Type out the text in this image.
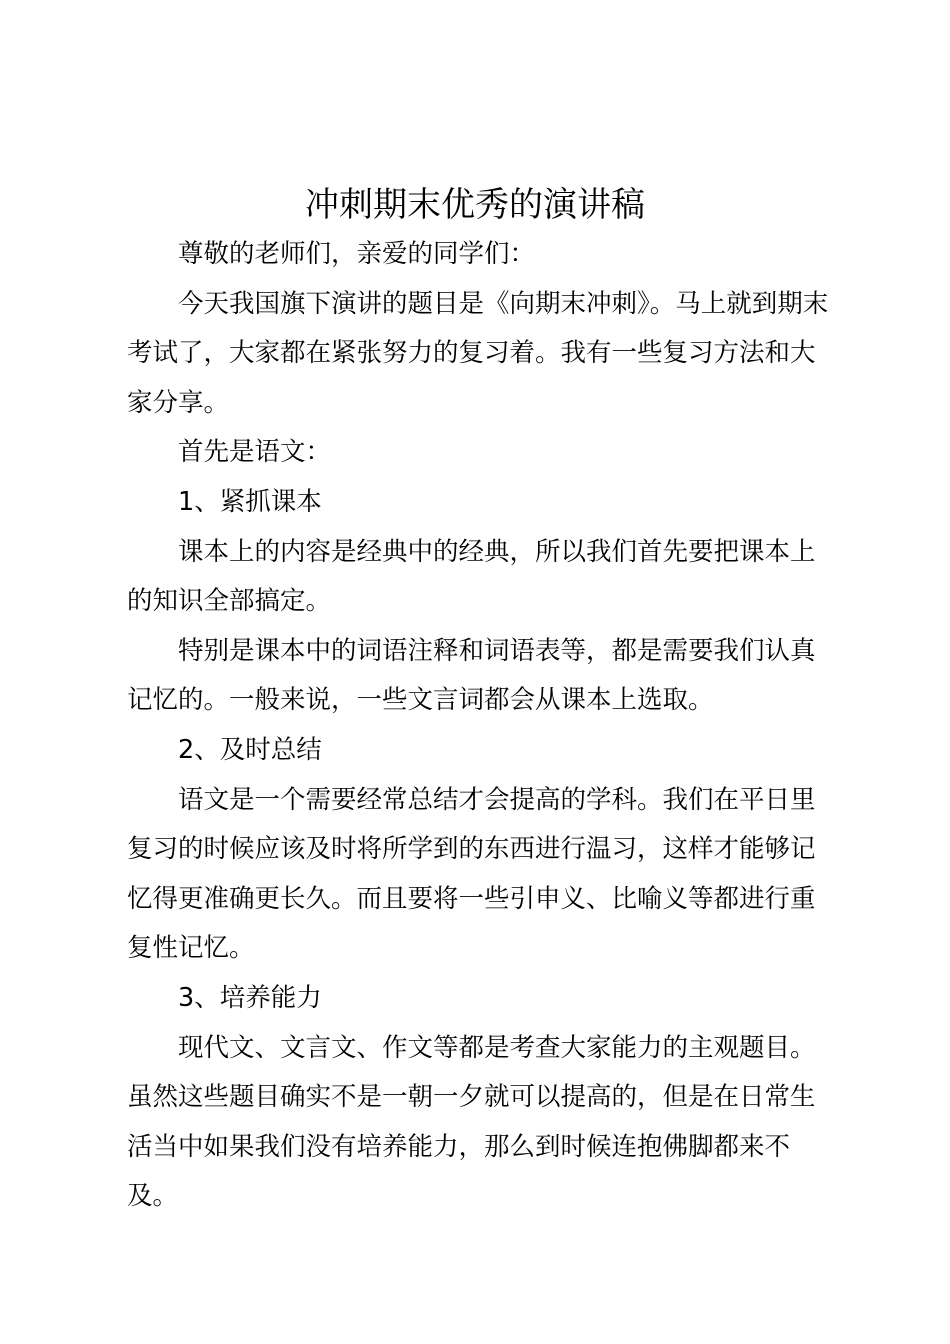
冲刺期末优秀的演讲稿

尊敬的老师们，亲爱的同学们：

今天我国旗下演讲的题目是《向期末冲刺》。马上就到期末考试了，大家都在紧张努力的复习着。我有一些复习方法和大家分享。

首先是语文：

1、紧抓课本

课本上的内容是经典中的经典，所以我们首先要把课本上的知识全部搞定。

特别是课本中的词语注释和词语表等，都是需要我们认真记忆的。一般来说，一些文言词都会从课本上选取。

2、及时总结

语文是一个需要经常总结才会提高的学科。我们在平日里复习的时候应该及时将所学到的东西进行温习，这样才能够记忆得更准确更长久。而且要将一些引申义、比喻义等都进行重复性记忆。

3、培养能力

现代文、文言文、作文等都是考查大家能力的主观题目。虽然这些题目确实不是一朝一夕就可以提高的，但是在日常生活当中如果我们没有培养能力，那么到时候连抱佛脚都来不及。
